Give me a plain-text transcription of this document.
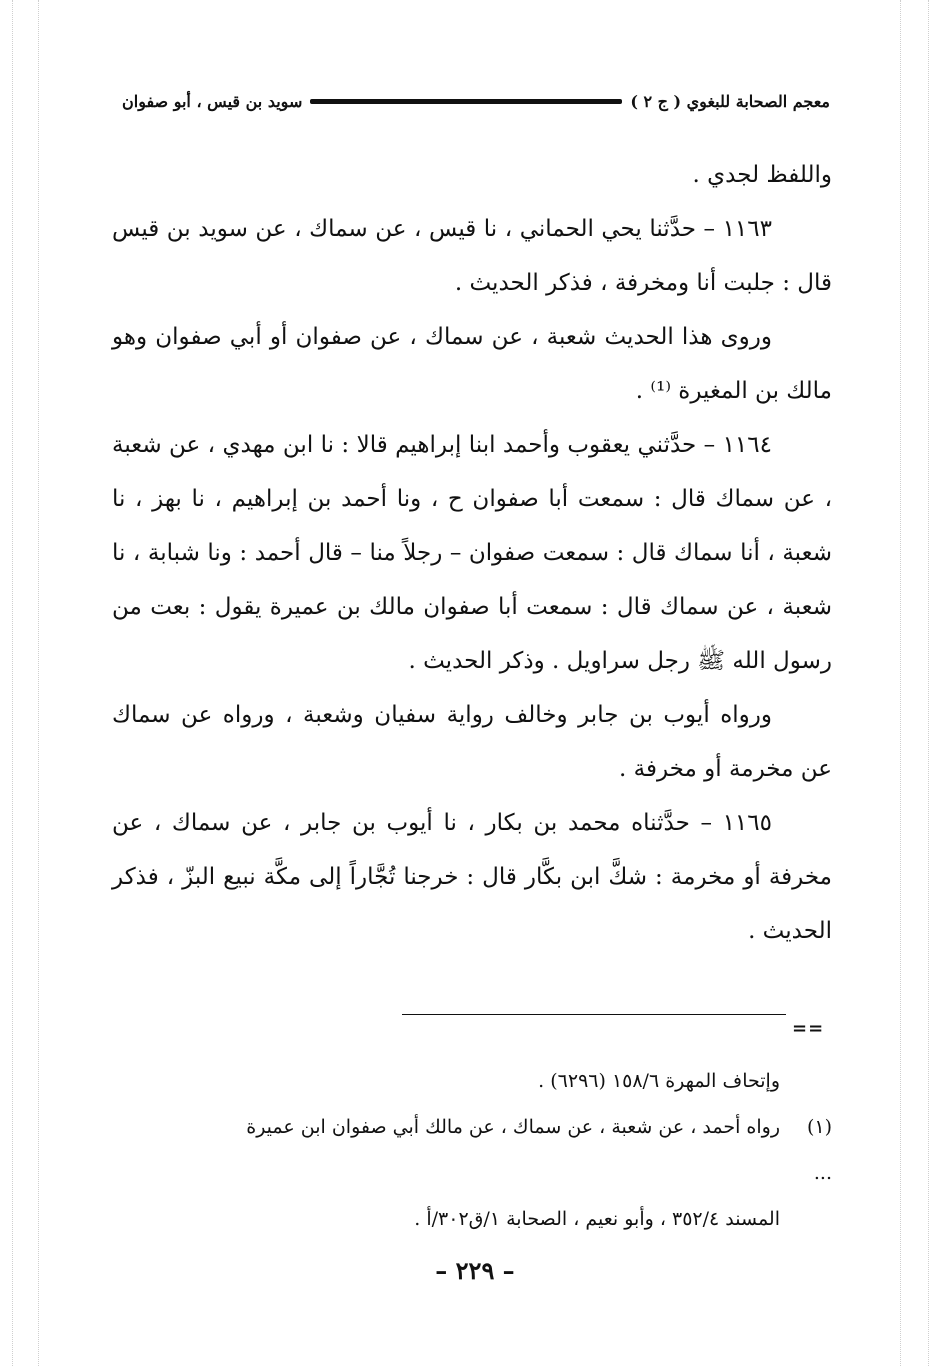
معجم الصحابة للبغوي ( ج ٢ )
سويد بن قيس ، أبو صفوان

واللفظ لجدي .

١١٦٣ – حدَّثنا يحي الحماني ، نا قيس ، عن سماك ، عن سويد بن قيس قال : جلبت أنا ومخرفة ، فذكر الحديث .

وروى هذا الحديث شعبة ، عن سماك ، عن صفوان أو أبي صفوان وهو مالك بن المغيرة ⁽¹⁾ .

١١٦٤ – حدَّثني يعقوب وأحمد ابنا إبراهيم قالا : نا ابن مهدي ، عن شعبة ، عن سماك قال : سمعت أبا صفوان ح ، ونا أحمد بن إبراهيم ، نا بهز ، نا شعبة ، أنا سماك قال : سمعت صفوان – رجلاً منا – قال أحمد : ونا شبابة ، نا شعبة ، عن سماك قال : سمعت أبا صفوان مالك بن عميرة يقول : بعت من رسول الله ﷺ رجل سراويل . وذكر الحديث .

ورواه أيوب بن جابر وخالف رواية سفيان وشعبة ، ورواه عن سماك عن مخرمة أو مخرفة .

١١٦٥ – حدَّثناه محمد بن بكار ، نا أيوب بن جابر ، عن سماك ، عن مخرفة أو مخرمة : شكَّ ابن بكَّار قال : خرجنا تُجَّاراً إلى مكَّة نبيع البزّ ، فذكر الحديث .

==

وإتحاف المهرة ١٥٨/٦ (٦٢٩٦) .

(١)رواه أحمد ، عن شعبة ، عن سماك ، عن مالك أبي صفوان ابن عميرة ...

المسند ٣٥٢/٤ ، وأبو نعيم ، الصحابة ١/ق٣٠٢/أ .

– ٢٢٩ –
